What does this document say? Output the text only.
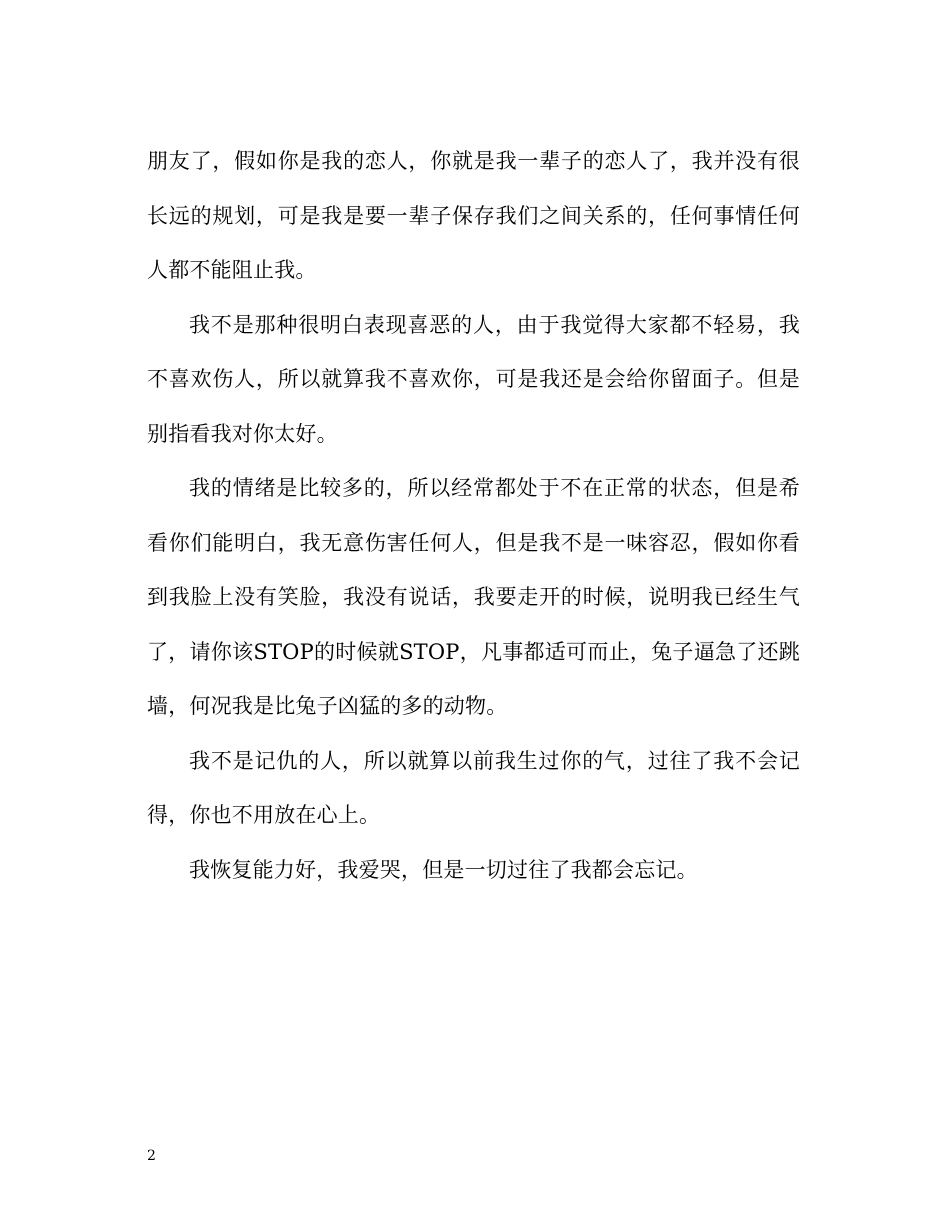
朋友了，假如你是我的恋人，你就是我一辈子的恋人了，我并没有很长远的规划，可是我是要一辈子保存我们之间关系的，任何事情任何人都不能阻止我。

我不是那种很明白表现喜恶的人，由于我觉得大家都不轻易，我不喜欢伤人，所以就算我不喜欢你，可是我还是会给你留面子。但是别指看我对你太好。

我的情绪是比较多的，所以经常都处于不在正常的状态，但是希看你们能明白，我无意伤害任何人，但是我不是一味容忍，假如你看到我脸上没有笑脸，我没有说话，我要走开的时候，说明我已经生气了，请你该STOP的时候就STOP，凡事都适可而止，兔子逼急了还跳墙，何况我是比兔子凶猛的多的动物。

我不是记仇的人，所以就算以前我生过你的气，过往了我不会记得，你也不用放在心上。

我恢复能力好，我爱哭，但是一切过往了我都会忘记。

2
